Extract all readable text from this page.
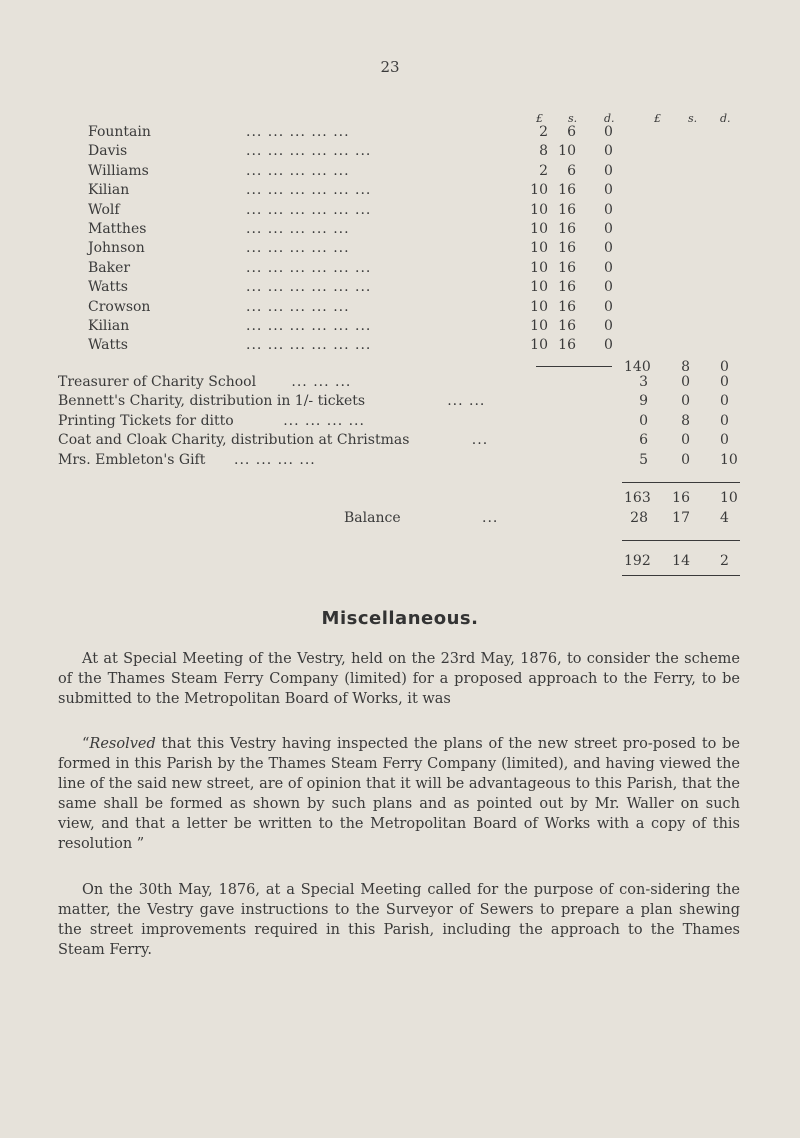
23
£ s. d.	£ s. d.
Fountain	... ... ... ... ...	2	6 0
Davis	... ... ... ... ... ...	8 10 0
Williams	... ... ... ... ...	2	6 0
Kilian	... ... ... ... ... ...	10 16 0
Wolf	... ... ... ... ... ...	10 16 0
Matthes	... ... ... ... ...	10 16 0
Johnson	... ... ... ... ...	10 16 0
Baker	... ... ... ... ... ...	10 16 0
Watts	... ... ... ... ... ...	10 16 0
Crowson	... ... ... ... ...	10 16 0
Kilian	... ... ... ... ... ...	10 16 0
Watts	... ... ... ... ... ...	10 16 0
140	8 0
Treasurer of Charity School	... ... ...	3	0 0
Bennett's Charity, distribution in 1/- tickets	... ...	9	0 0
Printing Tickets for ditto	... ... ... ...	0	8 0
Coat and Cloak Charity, distribution at Christmas	...	6	0 0
Mrs. Embleton's Gift ... ... ... ...	5	0 10
163	16 10
Balance	...	28	17 4
192	14 2
Miscellaneous.
At at Special Meeting of the Vestry, held on the 23rd May, 1876, to consider the scheme of the Thames Steam Ferry Company (limited) for a proposed approach to the Ferry, to be submitted to the Metropolitan Board of Works, it was
“Resolved that this Vestry having inspected the plans of the new street pro-posed to be formed in this Parish by the Thames Steam Ferry Company (limited), and having viewed the line of the said new street, are of opinion that it will be advantageous to this Parish, that the same shall be formed as shown by such plans and as pointed out by Mr. Waller on such view, and that a letter be written to the Metropolitan Board of Works with a copy of this resolution ”
On the 30th May, 1876, at a Special Meeting called for the purpose of con-sidering the matter, the Vestry gave instructions to the Surveyor of Sewers to prepare a plan shewing the street improvements required in this Parish, including the approach to the Thames Steam Ferry.
